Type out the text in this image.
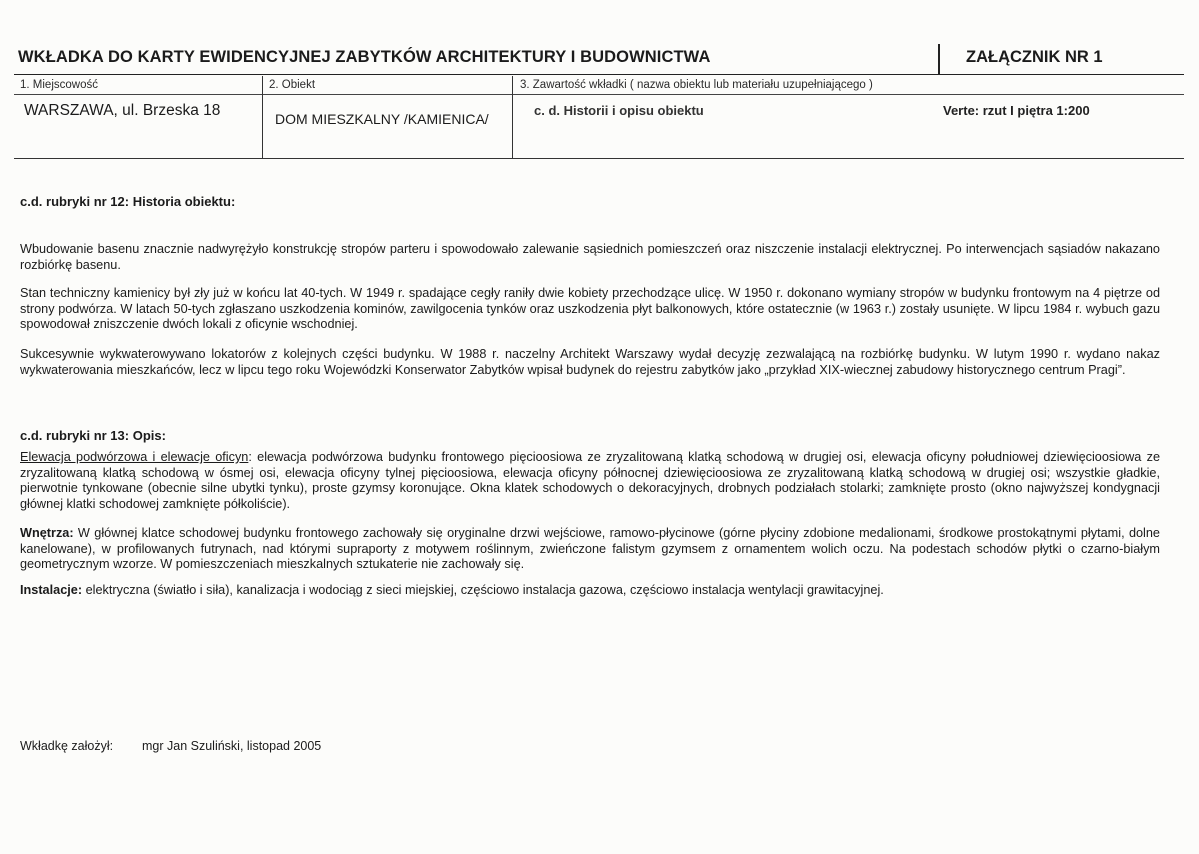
WKŁADKA DO KARTY EWIDENCYJNEJ ZABYTKÓW ARCHITEKTURY I BUDOWNICTWA	ZAŁĄCZNIK NR 1
1. Miejscowość
WARSZAWA, ul. Brzeska 18
2. Obiekt
DOM MIESZKALNY /KAMIENICA/
3. Zawartość wkładki ( nazwa obiektu lub materiału uzupełniającego )
c. d. Historii i opisu obiektu	Verte: rzut I piętra 1:200
c.d. rubryki nr 12: Historia obiektu:
Wbudowanie basenu znacznie nadwyrężyło konstrukcję stropów parteru i spowodowało zalewanie sąsiednich pomieszczeń oraz niszczenie instalacji elektrycznej. Po interwencjach sąsiadów nakazano rozbiórkę basenu.
Stan techniczny kamienicy był zły już w końcu lat 40-tych. W 1949 r. spadające cegły raniły dwie kobiety przechodzące ulicę. W 1950 r. dokonano wymiany stropów w budynku frontowym na 4 piętrze od strony podwórza. W latach 50-tych zgłaszano uszkodzenia kominów, zawilgocenia tynków oraz uszkodzenia płyt balkonowych, które ostatecznie (w 1963 r.) zostały usunięte. W lipcu 1984 r. wybuch gazu spowodował zniszczenie dwóch lokali z oficynie wschodniej.
Sukcesywnie wykwaterowywano lokatorów z kolejnych części budynku. W 1988 r. naczelny Architekt Warszawy wydał decyzję zezwalającą na rozbiórkę budynku. W lutym 1990 r. wydano nakaz wykwaterowania mieszkańców, lecz w lipcu tego roku Wojewódzki Konserwator Zabytków wpisał budynek do rejestru zabytków jako „przykład XIX-wiecznej zabudowy historycznego centrum Pragi”.
c.d. rubryki nr 13: Opis:
Elewacja podwórzowa i elewacje oficyn: elewacja podwórzowa budynku frontowego pięcioosiowa ze zryzalitowaną klatką schodową w drugiej osi, elewacja oficyny południowej dziewięcioosiowa ze zryzalitowaną klatką schodową w ósmej osi, elewacja oficyny tylnej pięcioosiowa, elewacja oficyny północnej dziewięcioosiowa ze zryzalitowaną klatką schodową w drugiej osi; wszystkie gładkie, pierwotnie tynkowane (obecnie silne ubytki tynku), proste gzymsy koronujące. Okna klatek schodowych o dekoracyjnych, drobnych podziałach stolarki; zamknięte prosto (okno najwyższej kondygnacji głównej klatki schodowej zamknięte półkoliście).
Wnętrza: W głównej klatce schodowej budynku frontowego zachowały się oryginalne drzwi wejściowe, ramowo-płycinowe (górne płyciny zdobione medalionami, środkowe prostokątnymi płytami, dolne kanelowane), w profilowanych futrynach, nad którymi supraporty z motywem roślinnym, zwieńczone falistym gzymsem z ornamentem wolich oczu. Na podestach schodów płytki o czarno-białym geometrycznym wzorze. W pomieszczeniach mieszkalnych sztukaterie nie zachowały się.
Instalacje: elektryczna (światło i siła), kanalizacja i wodociąg z sieci miejskiej, częściowo instalacja gazowa, częściowo instalacja wentylacji grawitacyjnej.
Wkładkę założył: mgr Jan Szuliński, listopad 2005
